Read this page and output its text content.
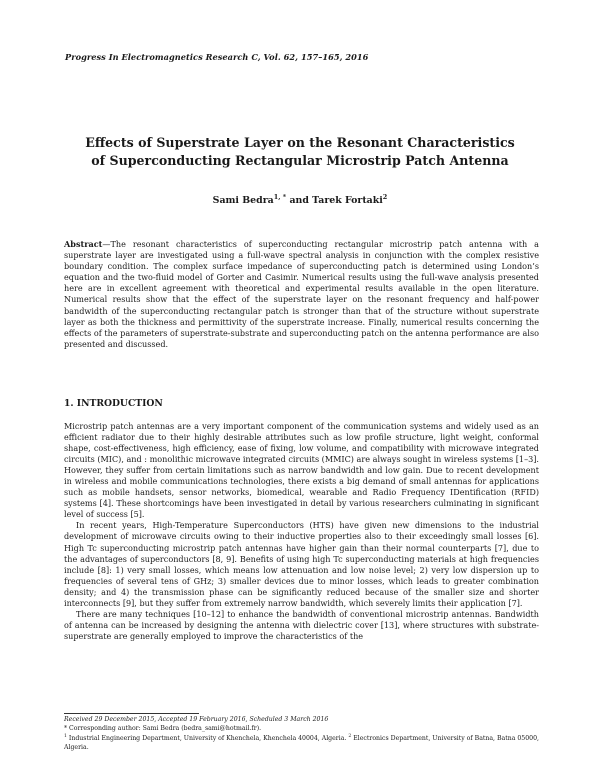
Progress In Electromagnetics Research C, Vol. 62, 157–165, 2016
Effects of Superstrate Layer on the Resonant Characteristics
of Superconducting Rectangular Microstrip Patch Antenna
Sami Bedra$^{1, *}$ and Tarek Fortaki$^2$
Abstract—The resonant characteristics of superconducting rectangular microstrip patch antenna with a superstrate layer are investigated using a full-wave spectral analysis in conjunction with the complex resistive boundary condition. The complex surface impedance of superconducting patch is determined using London’s equation and the two-fluid model of Gorter and Casimir. Numerical results using the full-wave analysis presented here are in excellent agreement with theoretical and experimental results available in the open literature. Numerical results show that the effect of the superstrate layer on the resonant frequency and half-power bandwidth of the superconducting rectangular patch is stronger than that of the structure without superstrate layer as both the thickness and permittivity of the superstrate increase. Finally, numerical results concerning the effects of the parameters of superstrate-substrate and superconducting patch on the antenna performance are also presented and discussed.
1. INTRODUCTION

Microstrip patch antennas are a very important component of the communication systems and widely used as an efficient radiator due to their highly desirable attributes such as low profile structure, light weight, conformal shape, cost-effectiveness, high efficiency, ease of fixing, low volume, and compatibility with microwave integrated circuits (MIC), and : monolithic microwave integrated circuits (MMIC) are always sought in wireless systems [1–3]. However, they suffer from certain limitations such as narrow bandwidth and low gain. Due to recent development in wireless and mobile communications technologies, there exists a big demand of small antennas for applications such as mobile handsets, sensor networks, biomedical, wearable and Radio Frequency IDentification (RFID) systems [4]. These shortcomings have been investigated in detail by various researchers culminating in significant level of success [5].

In recent years, High-Temperature Superconductors (HTS) have given new dimensions to the industrial development of microwave circuits owing to their inductive properties also to their exceedingly small losses [6]. High Tc superconducting microstrip patch antennas have higher gain than their normal counterparts [7], due to the advantages of superconductors [8, 9]. Benefits of using high Tc superconducting materials at high frequencies include [8]: 1) very small losses, which means low attenuation and low noise level; 2) very low dispersion up to frequencies of several tens of GHz; 3) smaller devices due to minor losses, which leads to greater combination density; and 4) the transmission phase can be significantly reduced because of the smaller size and shorter interconnects [9], but they suffer from extremely narrow bandwidth, which severely limits their application [7].

There are many techniques [10–12] to enhance the bandwidth of conventional microstrip antennas. Bandwidth of antenna can be increased by designing the antenna with dielectric cover [13], where structures with substrate-superstrate are generally employed to improve the characteristics of the

Received 29 December 2015, Accepted 19 February 2016, Scheduled 3 March 2016
* Corresponding author: Sami Bedra (bedra_sami@hotmail.fr).
$^1$ Industrial Engineering Department, University of Khenchela, Khenchela 40004, Algeria. $^2$ Electronics Department, University of Batna, Batna 05000, Algeria.
